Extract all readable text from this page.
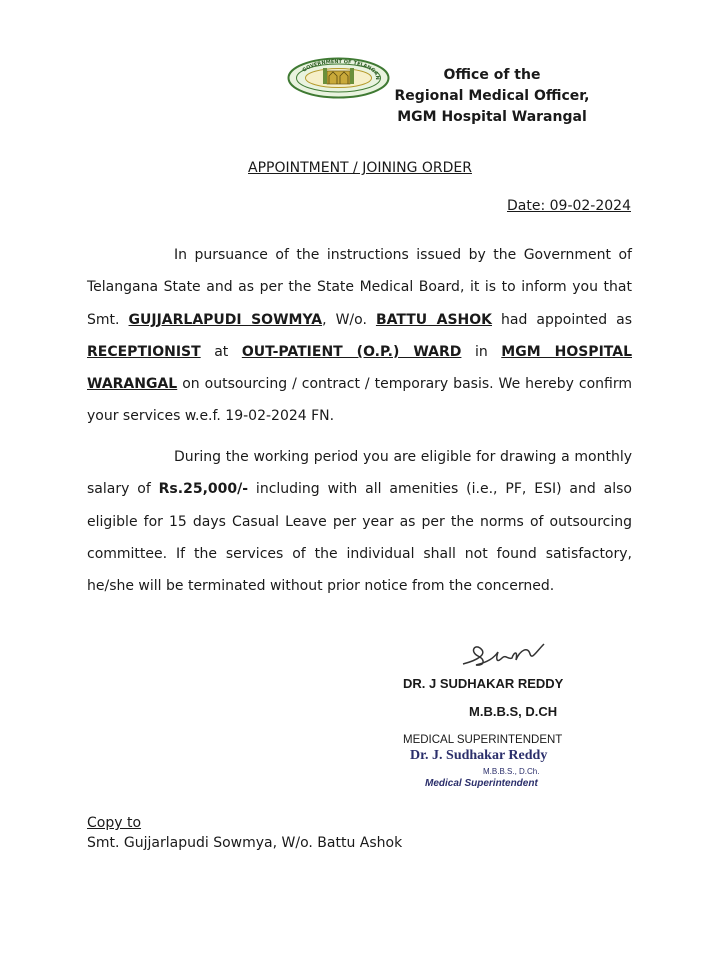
GOVERNMENT OF TELANGAN	Office of the
Regional Medical Officer,
MGM Hospital Warangal
APPOINTMENT / JOINING ORDER
Date: 09-02-2024

In pursuance of the instructions issued by the Government of Telangana State and as per the State Medical Board, it is to inform you that Smt. GUJJARLAPUDI SOWMYA, W/o. BATTU ASHOK had appointed as RECEPTIONIST at OUT-PATIENT (O.P.) WARD in MGM HOSPITAL WARANGAL on outsourcing / contract / temporary basis. We hereby confirm your services w.e.f. 19-02-2024 FN.

During the working period you are eligible for drawing a monthly salary of Rs.25,000/- including with all amenities (i.e., PF, ESI) and also eligible for 15 days Casual Leave per year as per the norms of outsourcing committee. If the services of the individual shall not found satisfactory, he/she will be terminated without prior notice from the concerned.

DR. J SUDHAKAR REDDY
M.B.B.S, D.CH
MEDICAL SUPERINTENDENT
Dr. J. Sudhakar Reddy
M.B.B.S., D.Ch.
Medical Superintendent
Copy to
Smt. Gujjarlapudi Sowmya, W/o. Battu Ashok
